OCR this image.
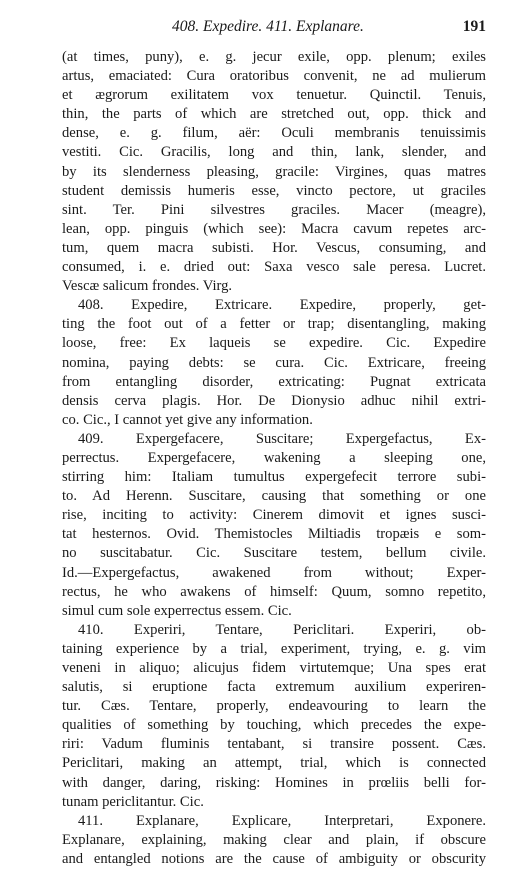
408. Expedire. 411. Explanare.	191
(at times, puny), e. g. jecur exile, opp. plenum; exiles
artus, emaciated: Cura oratoribus convenit, ne ad mulierum
et ægrorum exilitatem vox tenuetur. Quinctil. Tenuis,
thin, the parts of which are stretched out, opp. thick and
dense, e. g. filum, aër: Oculi membranis tenuissimis
vestiti. Cic. Gracilis, long and thin, lank, slender, and
by its slenderness pleasing, gracile: Virgines, quas matres
student demissis humeris esse, vincto pectore, ut graciles
sint. Ter. Pini silvestres graciles. Macer (meagre),
lean, opp. pinguis (which see): Macra cavum repetes arc-
tum, quem macra subisti. Hor. Vescus, consuming, and
consumed, i. e. dried out: Saxa vesco sale peresa. Lucret.
Vescæ salicum frondes. Virg.
408. Expedire, Extricare. Expedire, properly, get-
ting the foot out of a fetter or trap; disentangling, making
loose, free: Ex laqueis se expedire. Cic. Expedire
nomina, paying debts: se cura. Cic. Extricare, freeing
from entangling disorder, extricating: Pugnat extricata
densis cerva plagis. Hor. De Dionysio adhuc nihil extri-
co. Cic., I cannot yet give any information.
409. Expergefacere, Suscitare; Expergefactus, Ex-
perrectus. Expergefacere, wakening a sleeping one,
stirring him: Italiam tumultus expergefecit terrore subi-
to. Ad Herenn. Suscitare, causing that something or one
rise, inciting to activity: Cinerem dimovit et ignes susci-
tat hesternos. Ovid. Themistocles Miltiadis tropæis e som-
no suscitabatur. Cic. Suscitare testem, bellum civile.
Id.—Expergefactus, awakened from without; Exper-
rectus, he who awakens of himself: Quum, somno repetito,
simul cum sole experrectus essem. Cic.
410. Experiri, Tentare, Periclitari. Experiri, ob-
taining experience by a trial, experiment, trying, e. g. vim
veneni in aliquo; alicujus fidem virtutemque; Una spes erat
salutis, si eruptione facta extremum auxilium experiren-
tur. Cæs. Tentare, properly, endeavouring to learn the
qualities of something by touching, which precedes the expe-
riri: Vadum fluminis tentabant, si transire possent. Cæs.
Periclitari, making an attempt, trial, which is connected
with danger, daring, risking: Homines in prœliis belli for-
tunam periclitantur. Cic.
411. Explanare, Explicare, Interpretari, Exponere.
Explanare, explaining, making clear and plain, if obscure
and entangled notions are the cause of ambiguity or obscurity
